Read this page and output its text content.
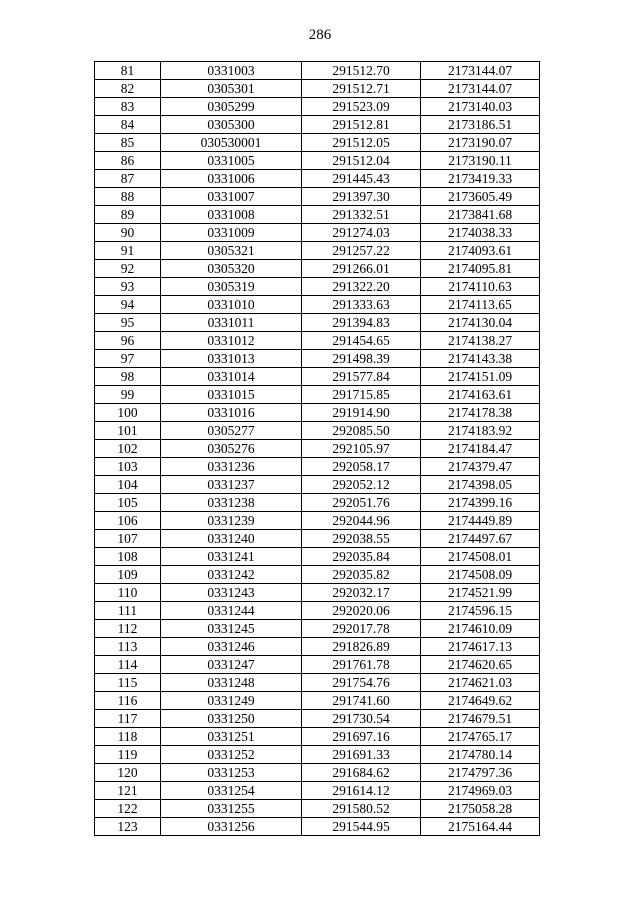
286
81	0331003	291512.70	2173144.07
82	0305301	291512.71	2173144.07
83	0305299	291523.09	2173140.03
84	0305300	291512.81	2173186.51
85	030530001	291512.05	2173190.07
86	0331005	291512.04	2173190.11
87	0331006	291445.43	2173419.33
88	0331007	291397.30	2173605.49
89	0331008	291332.51	2173841.68
90	0331009	291274.03	2174038.33
91	0305321	291257.22	2174093.61
92	0305320	291266.01	2174095.81
93	0305319	291322.20	2174110.63
94	0331010	291333.63	2174113.65
95	0331011	291394.83	2174130.04
96	0331012	291454.65	2174138.27
97	0331013	291498.39	2174143.38
98	0331014	291577.84	2174151.09
99	0331015	291715.85	2174163.61
100	0331016	291914.90	2174178.38
101	0305277	292085.50	2174183.92
102	0305276	292105.97	2174184.47
103	0331236	292058.17	2174379.47
104	0331237	292052.12	2174398.05
105	0331238	292051.76	2174399.16
106	0331239	292044.96	2174449.89
107	0331240	292038.55	2174497.67
108	0331241	292035.84	2174508.01
109	0331242	292035.82	2174508.09
110	0331243	292032.17	2174521.99
111	0331244	292020.06	2174596.15
112	0331245	292017.78	2174610.09
113	0331246	291826.89	2174617.13
114	0331247	291761.78	2174620.65
115	0331248	291754.76	2174621.03
116	0331249	291741.60	2174649.62
117	0331250	291730.54	2174679.51
118	0331251	291697.16	2174765.17
119	0331252	291691.33	2174780.14
120	0331253	291684.62	2174797.36
121	0331254	291614.12	2174969.03
122	0331255	291580.52	2175058.28
123	0331256	291544.95	2175164.44
